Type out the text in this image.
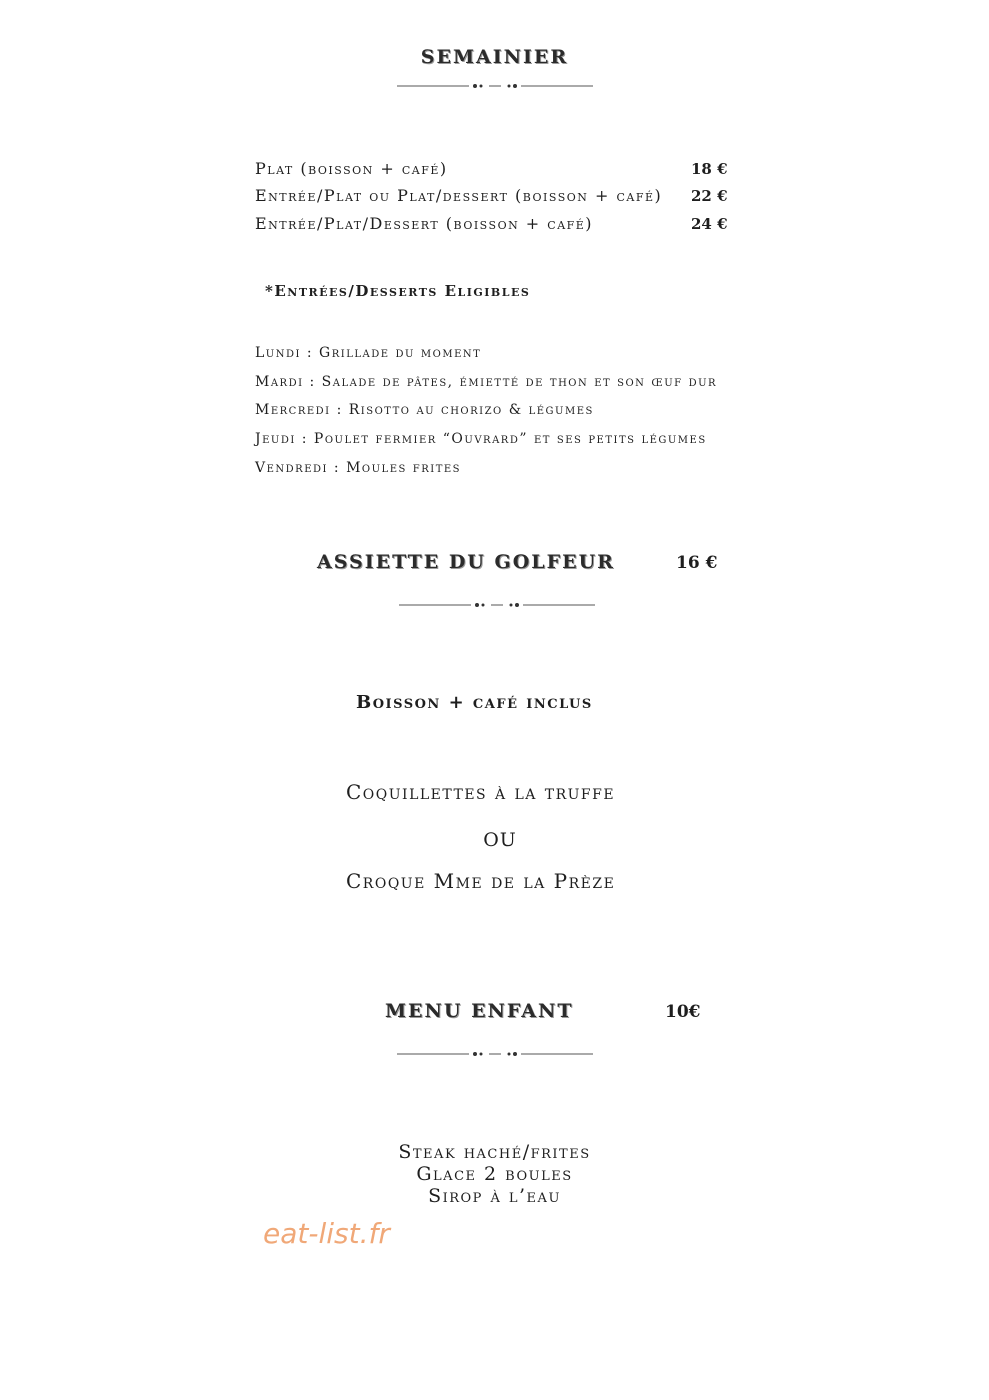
SEMAINIER
Plat (boisson + café)	18 €
Entrée/Plat ou Plat/dessert (boisson + café) 22 €
Entrée/Plat/Dessert (boisson + café)	24 €
*Entrées/Desserts Eligibles
Lundi : Grillade du moment
Mardi : Salade de pâtes, émietté de thon et son œuf dur
Mercredi : Risotto au chorizo & légumes
Jeudi : Poulet fermier “Ouvrard” et ses petits légumes
Vendredi : Moules frites
ASSIETTE DU GOLFEUR	16 €
Boisson + café inclus
Coquillettes à la truffe
OU
Croque Mme de la Prèze
MENU ENFANT	10€
Steak haché/frites
Glace 2 boules
Sirop à l’eau
eat-list.fr
